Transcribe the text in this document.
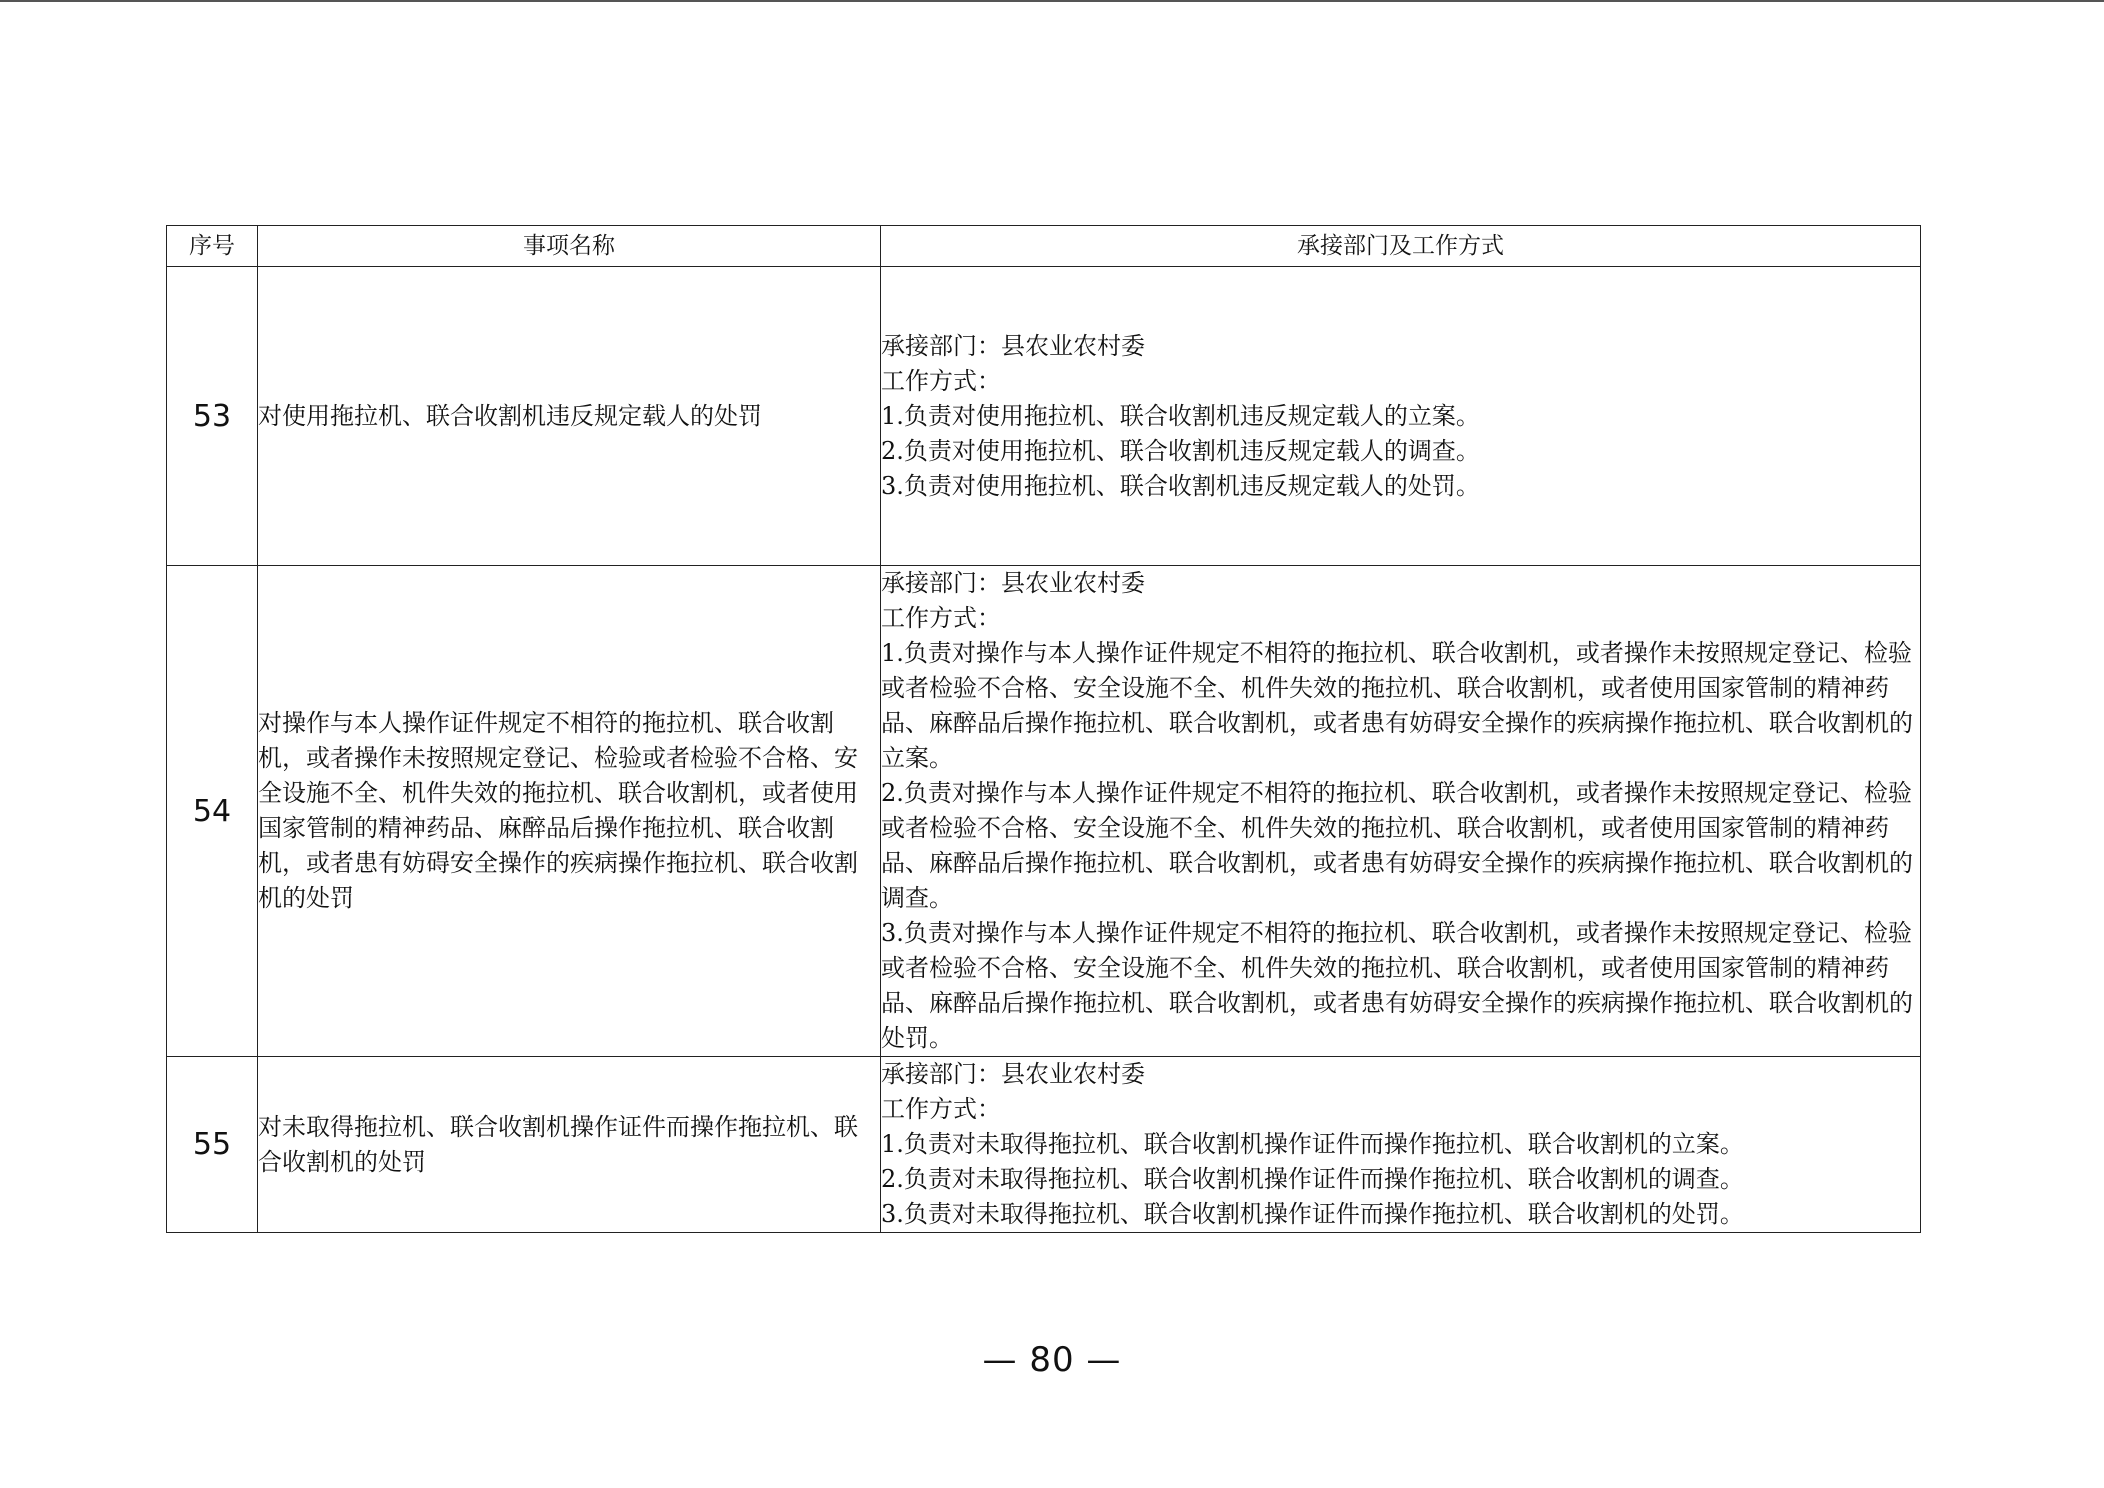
序号	事项名称	承接部门及工作方式
53	对使用拖拉机、联合收割机违反规定载人的处罚	承接部门：县农业农村委
工作方式：
1.负责对使用拖拉机、联合收割机违反规定载人的立案。
2.负责对使用拖拉机、联合收割机违反规定载人的调查。
3.负责对使用拖拉机、联合收割机违反规定载人的处罚。

54	对操作与本人操作证件规定不相符的拖拉机、联合收割机，或者操作未按照规定登记、检验或者检验不合格、安全设施不全、机件失效的拖拉机、联合收割机，或者使用国家管制的精神药品、麻醉品后操作拖拉机、联合收割机，或者患有妨碍安全操作的疾病操作拖拉机、联合收割机的处罚	承接部门：县农业农村委
工作方式：
1.负责对操作与本人操作证件规定不相符的拖拉机、联合收割机，或者操作未按照规定登记、检验或者检验不合格、安全设施不全、机件失效的拖拉机、联合收割机，或者使用国家管制的精神药品、麻醉品后操作拖拉机、联合收割机，或者患有妨碍安全操作的疾病操作拖拉机、联合收割机的立案。
2.负责对操作与本人操作证件规定不相符的拖拉机、联合收割机，或者操作未按照规定登记、检验或者检验不合格、安全设施不全、机件失效的拖拉机、联合收割机，或者使用国家管制的精神药品、麻醉品后操作拖拉机、联合收割机，或者患有妨碍安全操作的疾病操作拖拉机、联合收割机的调查。
3.负责对操作与本人操作证件规定不相符的拖拉机、联合收割机，或者操作未按照规定登记、检验或者检验不合格、安全设施不全、机件失效的拖拉机、联合收割机，或者使用国家管制的精神药品、麻醉品后操作拖拉机、联合收割机，或者患有妨碍安全操作的疾病操作拖拉机、联合收割机的处罚。

55	对未取得拖拉机、联合收割机操作证件而操作拖拉机、联合收割机的处罚	承接部门：县农业农村委
工作方式：
1.负责对未取得拖拉机、联合收割机操作证件而操作拖拉机、联合收割机的立案。
2.负责对未取得拖拉机、联合收割机操作证件而操作拖拉机、联合收割机的调查。
3.负责对未取得拖拉机、联合收割机操作证件而操作拖拉机、联合收割机的处罚。
— 80 —
